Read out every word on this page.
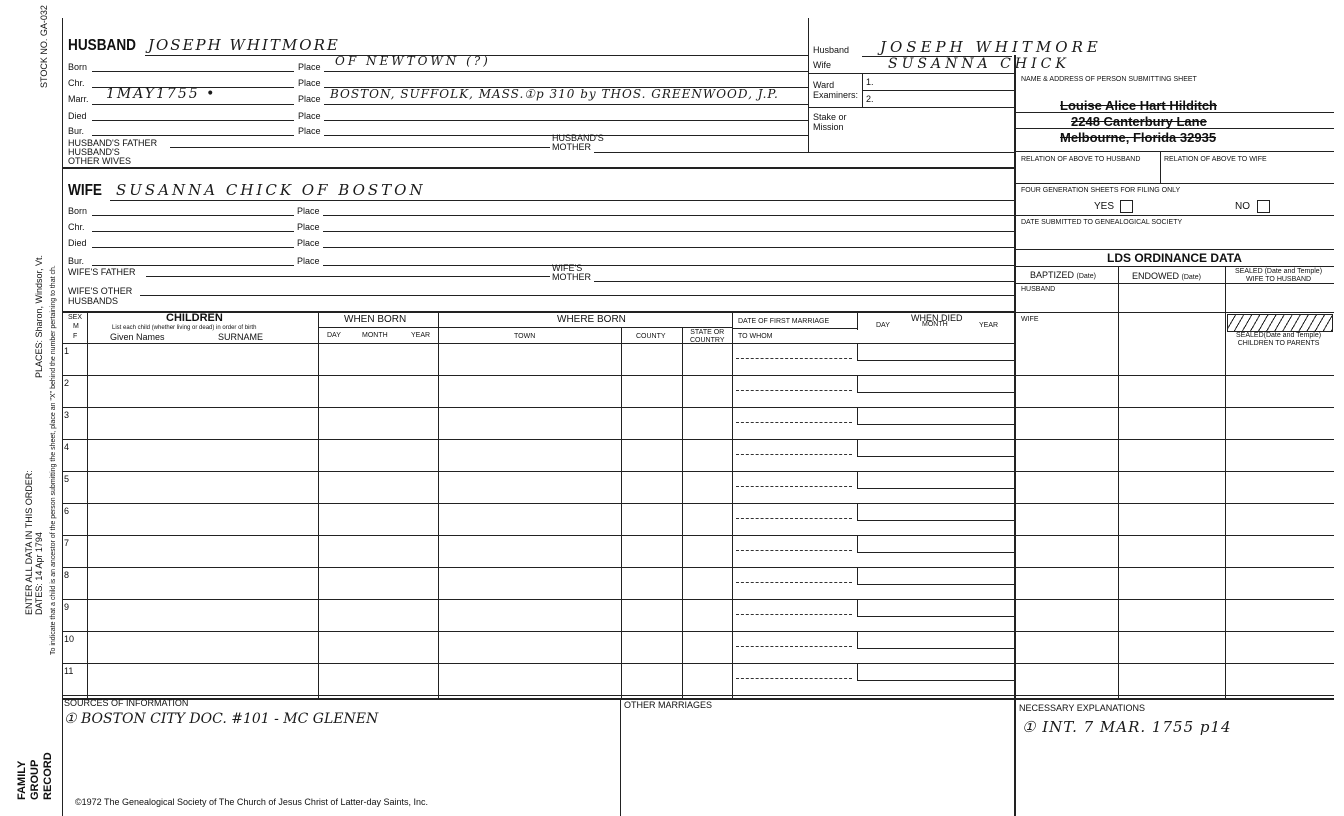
STOCK NO. GA-032
PLACES: Sharon, Windsor, Vt. To indicate that a child is an ancestor of the person submitting the sheet, place an "X" behind the number pertaining to that ch.
ENTER ALL DATA IN THIS ORDER: DATES: 14 Apr 1794
FAMILY GROUP RECORD
HUSBAND JOSEPH WHITMORE
Born	Place OF NEWTOWN (?)
Chr.	Place
Marr. 1MAY1755 •	Place BOSTON, SUFFOLK, MASS.①p 310 by THOS. GREENWOOD, J.P.
Died	Place
Bur.	Place
HUSBAND'S FATHER	HUSBAND'S
MOTHER
HUSBAND'S
OTHER WIVES
Husband JOSEPH WHITMORE
Wife	SUSANNA CHICK
Ward
Examiners:
1.
2.
Stake or
Mission
NAME & ADDRESS OF PERSON SUBMITTING SHEET
Louise Alice Hart Hilditch
2248 Canterbury Lane
Melbourne, Florida 32935
RELATION OF ABOVE TO HUSBAND	RELATION OF ABOVE TO WIFE
FOUR GENERATION SHEETS FOR FILING ONLY
YES	NO
DATE SUBMITTED TO GENEALOGICAL SOCIETY
LDS ORDINANCE DATA
BAPTIZED (Date)	ENDOWED (Date)
SEALED (Date and Temple)
WIFE TO HUSBAND
HUSBAND
WIFE
SEALED(Date and Temple)
CHILDREN TO PARENTS
WIFE SUSANNA CHICK OF BOSTON
Born	Place
Chr.	Place
Died	Place
Bur.	Place
WIFE'S FATHER	WIFE'S
MOTHER
WIFE'S OTHER
HUSBANDS
SEX
M
F
CHILDREN
List each child (whether living or dead) in order of birth
Given Names	SURNAME
WHEN BORN
DAY	MONTH	YEAR
WHERE BORN
TOWN	COUNTY
STATE OR
COUNTRY
DATE OF FIRST MARRIAGE
TO WHOM
DAY
WHEN DIED
MONTH	YEAR
1
2
3
4
5
6
7
8
9
10
11
SOURCES OF INFORMATION
① BOSTON CITY DOC. #101 - MC GLENEN
OTHER MARRIAGES	NECESSARY EXPLANATIONS
① INT. 7 MAR. 1755 p14
©1972 The Genealogical Society of The Church of Jesus Christ of Latter-day Saints, Inc.
